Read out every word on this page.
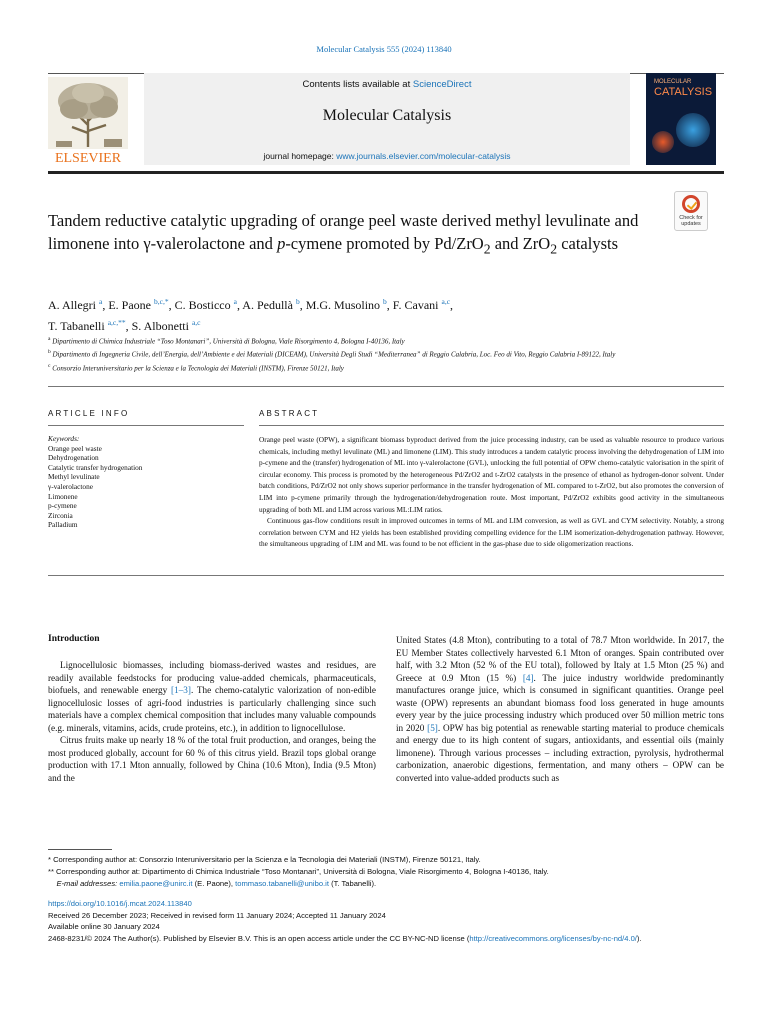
Molecular Catalysis 555 (2024) 113840
ELSEVIER
Contents lists available at ScienceDirect
Molecular Catalysis
journal homepage: www.journals.elsevier.com/molecular-catalysis
MOLECULAR
CATALYSIS
Tandem reductive catalytic upgrading of orange peel waste derived methyl levulinate and limonene into γ-valerolactone and p-cymene promoted by Pd/ZrO$_2$ and ZrO$_2$ catalysts
Check for
updates
A. Allegri $^a$, E. Paone $^{b,c,*}$, C. Bosticco $^a$, A. Pedullà $^b$, M.G. Musolino $^b$, F. Cavani $^{a,c}$,
T. Tabanelli $^{a,c,**}$, S. Albonetti $^{a,c}$
$^a$ Dipartimento di Chimica Industriale “Toso Montanari”, Università di Bologna, Viale Risorgimento 4, Bologna I-40136, Italy
$^b$ Dipartimento di Ingegneria Civile, dell’Energia, dell’Ambiente e dei Materiali (DICEAM), Università Degli Studi “Mediterranea” di Reggio Calabria, Loc. Feo di Vito, Reggio Calabria I-89122, Italy
$^c$ Consorzio Interuniversitario per la Scienza e la Tecnologia dei Materiali (INSTM), Firenze 50121, Italy
ARTICLE INFO	ABSTRACT
Keywords:
Orange peel waste
Dehydrogenation
Catalytic transfer hydrogenation
Methyl levulinate
γ-valerolactone
Limonene
p-cymene
Zirconia
Palladium

Orange peel waste (OPW), a significant biomass byproduct derived from the juice processing industry, can be used as valuable resource to produce various chemicals, including methyl levulinate (ML) and limonene (LIM). This study introduces a tandem catalytic process involving the dehydrogenation of LIM into p-cymene and the (transfer) hydrogenation of ML into γ-valerolactone (GVL), unlocking the full potential of OPW chemo-catalytic valorisation in the spirit of circular economy. This process is promoted by the heterogeneous Pd/ZrO2 and t-ZrO2 catalysts in the presence of ethanol as hydrogen-donor solvent. Under batch conditions, Pd/ZrO2 not only shows superior performance in the transfer hydrogenation of ML compared to t-ZrO2, but also promotes the conversion of LIM into p-cymene primarily through the hydrogenation/dehydrogenation route. Most important, Pd/ZrO2 exhibits good activity in the simultaneous upgrading of both ML and LIM across various ML:LIM ratios.

Continuous gas-flow conditions result in improved outcomes in terms of ML and LIM conversion, as well as GVL and CYM selectivity. Notably, a strong correlation between CYM and H2 yields has been established providing compelling evidence for the LIM isomerization-dehydrogenation pathway. However, the simultaneous upgrading of LIM and ML was found to be not efficient in the gas-phase due to side oligomerization reactions.

Introduction

Lignocellulosic biomasses, including biomass-derived wastes and residues, are readily available feedstocks for producing value-added chemicals, pharmaceuticals, biofuels, and renewable energy [1–3]. The chemo-catalytic valorization of non-edible lignocellulosic losses of agri-food industries is particularly challenging since such materials have a complex chemical composition that includes many valuable compounds (e.g. minerals, vitamins, acids, crude proteins, etc.), in addition to lignocellulose.

Citrus fruits make up nearly 18 % of the total fruit production, and oranges, being the most produced globally, account for 60 % of this citrus yield. Brazil tops global orange production with 17.1 Mton annually, followed by China (10.6 Mton), India (9.5 Mton) and the

United States (4.8 Mton), contributing to a total of 78.7 Mton worldwide. In 2017, the EU Member States collectively harvested 6.1 Mton of oranges. Spain contributed over half, with 3.2 Mton (52 % of the EU total), followed by Italy at 1.5 Mton (25 %) and Greece at 0.9 Mton (15 %) [4]. The juice industry worldwide predominantly manufactures orange juice, which is consumed in significant quantities. Orange peel waste (OPW) represents an abundant biomass food loss generated in huge amounts every year by the juice processing industry which produced over 50 million metric tons in 2020 [5]. OPW has big potential as renewable starting material to produce chemicals and energy due to its high content of sugars, antioxidants, and essential oils (mainly limonene). Through various processes – including extraction, pyrolysis, hydrothermal carbonization, anaerobic digestions, fermentation, and many others – OPW can be converted into value-added products such as

* Corresponding author at: Consorzio Interuniversitario per la Scienza e la Tecnologia dei Materiali (INSTM), Firenze 50121, Italy.
** Corresponding author at: Dipartimento di Chimica Industriale “Toso Montanari”, Università di Bologna, Viale Risorgimento 4, Bologna I-40136, Italy.
E-mail addresses: emilia.paone@unirc.it (E. Paone), tommaso.tabanelli@unibo.it (T. Tabanelli).
https://doi.org/10.1016/j.mcat.2024.113840
Received 26 December 2023; Received in revised form 11 January 2024; Accepted 11 January 2024
Available online 30 January 2024
2468-8231/© 2024 The Author(s). Published by Elsevier B.V. This is an open access article under the CC BY-NC-ND license (http://creativecommons.org/licenses/by-nc-nd/4.0/).
